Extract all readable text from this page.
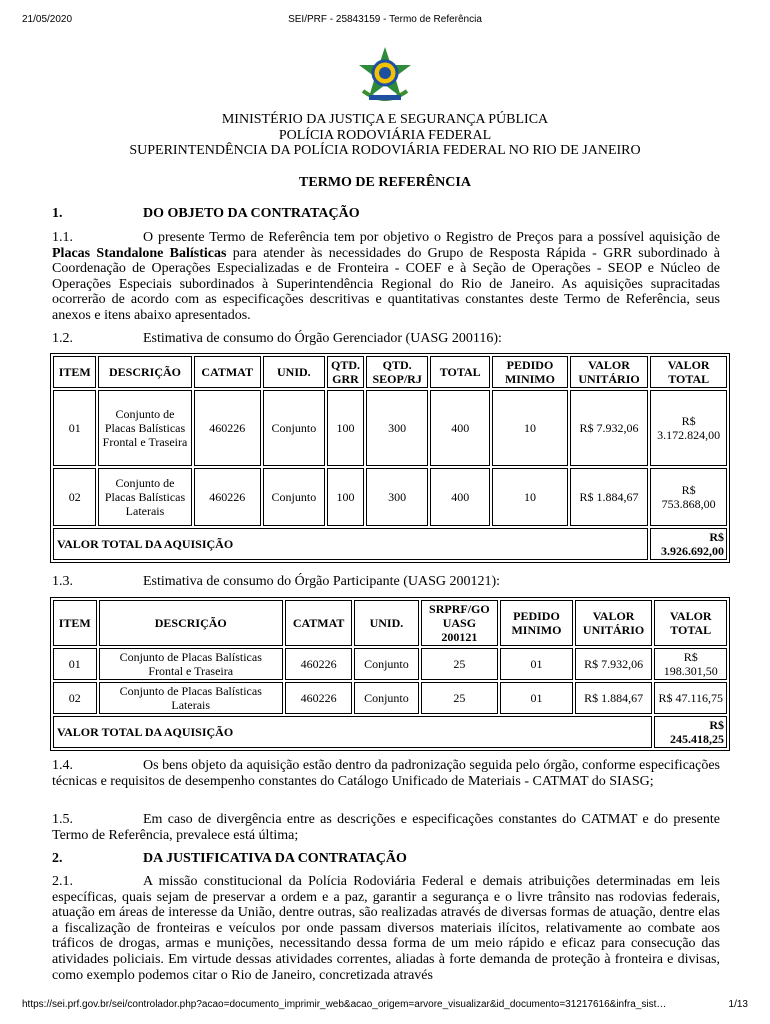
21/05/2020	SEI/PRF - 25843159 - Termo de Referência
MINISTÉRIO DA JUSTIÇA E SEGURANÇA PÚBLICA
POLÍCIA RODOVIÁRIA FEDERAL
SUPERINTENDÊNCIA DA POLÍCIA RODOVIÁRIA FEDERAL NO RIO DE JANEIRO
TERMO DE REFERÊNCIA
1.	DO OBJETO DA CONTRATAÇÃO
1.1.	O presente Termo de Referência tem por objetivo o Registro de Preços para a possível aquisição de Placas Standalone Balísticas para atender às necessidades do Grupo de Resposta Rápida - GRR subordinado à Coordenação de Operações Especializadas e de Fronteira - COEF e à Seção de Operações - SEOP e Núcleo de Operações Especiais subordinados à Superintendência Regional do Rio de Janeiro. As aquisições supracitadas ocorrerão de acordo com as especificações descritivas e quantitativas constantes deste Termo de Referência, seus anexos e itens abaixo apresentados.
1.2.	Estimativa de consumo do Órgão Gerenciador (UASG 200116):
ITEM	DESCRIÇÃO	CATMAT	UNID.	QTD. GRR	QTD. SEOP/RJ	TOTAL	PEDIDO MINIMO	VALOR UNITÁRIO	VALOR TOTAL
01	Conjunto de Placas Balísticas Frontal e Traseira	460226	Conjunto	100	300	400	10	R$ 7.932,06	R$ 3.172.824,00
02	Conjunto de Placas Balísticas Laterais	460226	Conjunto	100	300	400	10	R$ 1.884,67	R$ 753.868,00
VALOR TOTAL DA AQUISIÇÃO									R$ 3.926.692,00
1.3.	Estimativa de consumo do Órgão Participante (UASG 200121):
ITEM	DESCRIÇÃO	CATMAT	UNID.	SRPRF/GO UASG 200121	PEDIDO MINIMO	VALOR UNITÁRIO	VALOR TOTAL
01	Conjunto de Placas Balísticas Frontal e Traseira	460226	Conjunto	25	01	R$ 7.932,06	R$ 198.301,50
02	Conjunto de Placas Balísticas Laterais	460226	Conjunto	25	01	R$ 1.884,67	R$ 47.116,75
VALOR TOTAL DA AQUISIÇÃO							R$ 245.418,25
1.4.	Os bens objeto da aquisição estão dentro da padronização seguida pelo órgão, conforme especificações técnicas e requisitos de desempenho constantes do Catálogo Unificado de Materiais - CATMAT do SIASG;
1.5.	Em caso de divergência entre as descrições e especificações constantes do CATMAT e do presente Termo de Referência, prevalece está última;
2.	DA JUSTIFICATIVA DA CONTRATAÇÃO
2.1.	A missão constitucional da Polícia Rodoviária Federal e demais atribuições determinadas em leis específicas, quais sejam de preservar a ordem e a paz, garantir a segurança e o livre trânsito nas rodovias federais, atuação em áreas de interesse da União, dentre outras, são realizadas através de diversas formas de atuação, dentre elas a fiscalização de fronteiras e veículos por onde passam diversos materiais ilícitos, relativamente ao combate aos tráficos de drogas, armas e munições, necessitando dessa forma de um meio rápido e eficaz para consecução das atividades policiais. Em virtude dessas atividades correntes, aliadas à forte demanda de proteção à fronteira e divisas, como exemplo podemos citar o Rio de Janeiro, concretizada através
https://sei.prf.gov.br/sei/controlador.php?acao=documento_imprimir_web&acao_origem=arvore_visualizar&id_documento=31217616&infra_sist…	1/13
